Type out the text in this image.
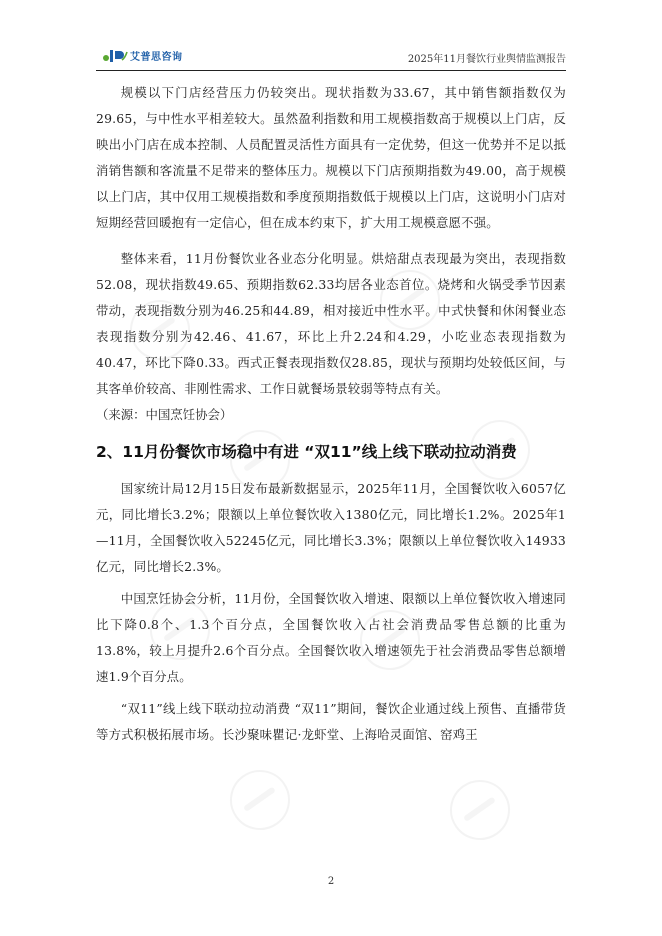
艾普思咨询	2025年11月餐饮行业舆情监测报告

规模以下门店经营压力仍较突出。现状指数为33.67，其中销售额指数仅为29.65，与中性水平相差较大。虽然盈利指数和用工规模指数高于规模以上门店，反映出小门店在成本控制、人员配置灵活性方面具有一定优势，但这一优势并不足以抵消销售额和客流量不足带来的整体压力。规模以下门店预期指数为49.00，高于规模以上门店，其中仅用工规模指数和季度预期指数低于规模以上门店，这说明小门店对短期经营回暖抱有一定信心，但在成本约束下，扩大用工规模意愿不强。

整体来看，11月份餐饮业各业态分化明显。烘焙甜点表现最为突出，表现指数52.08，现状指数49.65、预期指数62.33均居各业态首位。烧烤和火锅受季节因素带动，表现指数分别为46.25和44.89，相对接近中性水平。中式快餐和休闲餐业态表现指数分别为42.46、41.67，环比上升2.24和4.29，小吃业态表现指数为40.47，环比下降0.33。西式正餐表现指数仅28.85，现状与预期均处较低区间，与其客单价较高、非刚性需求、工作日就餐场景较弱等特点有关。

（来源：中国烹饪协会）

2、11月份餐饮市场稳中有进 “双11”线上线下联动拉动消费

国家统计局12月15日发布最新数据显示，2025年11月，全国餐饮收入6057亿元，同比增长3.2%；限额以上单位餐饮收入1380亿元，同比增长1.2%。2025年1—11月，全国餐饮收入52245亿元，同比增长3.3%；限额以上单位餐饮收入14933亿元，同比增长2.3%。

中国烹饪协会分析，11月份，全国餐饮收入增速、限额以上单位餐饮收入增速同比下降0.8个、1.3个百分点，全国餐饮收入占社会消费品零售总额的比重为13.8%，较上月提升2.6个百分点。全国餐饮收入增速领先于社会消费品零售总额增速1.9个百分点。

“双11”线上线下联动拉动消费 “双11”期间，餐饮企业通过线上预售、直播带货等方式积极拓展市场。长沙聚味瞿记·龙虾堂、上海哈灵面馆、窑鸡王

2
